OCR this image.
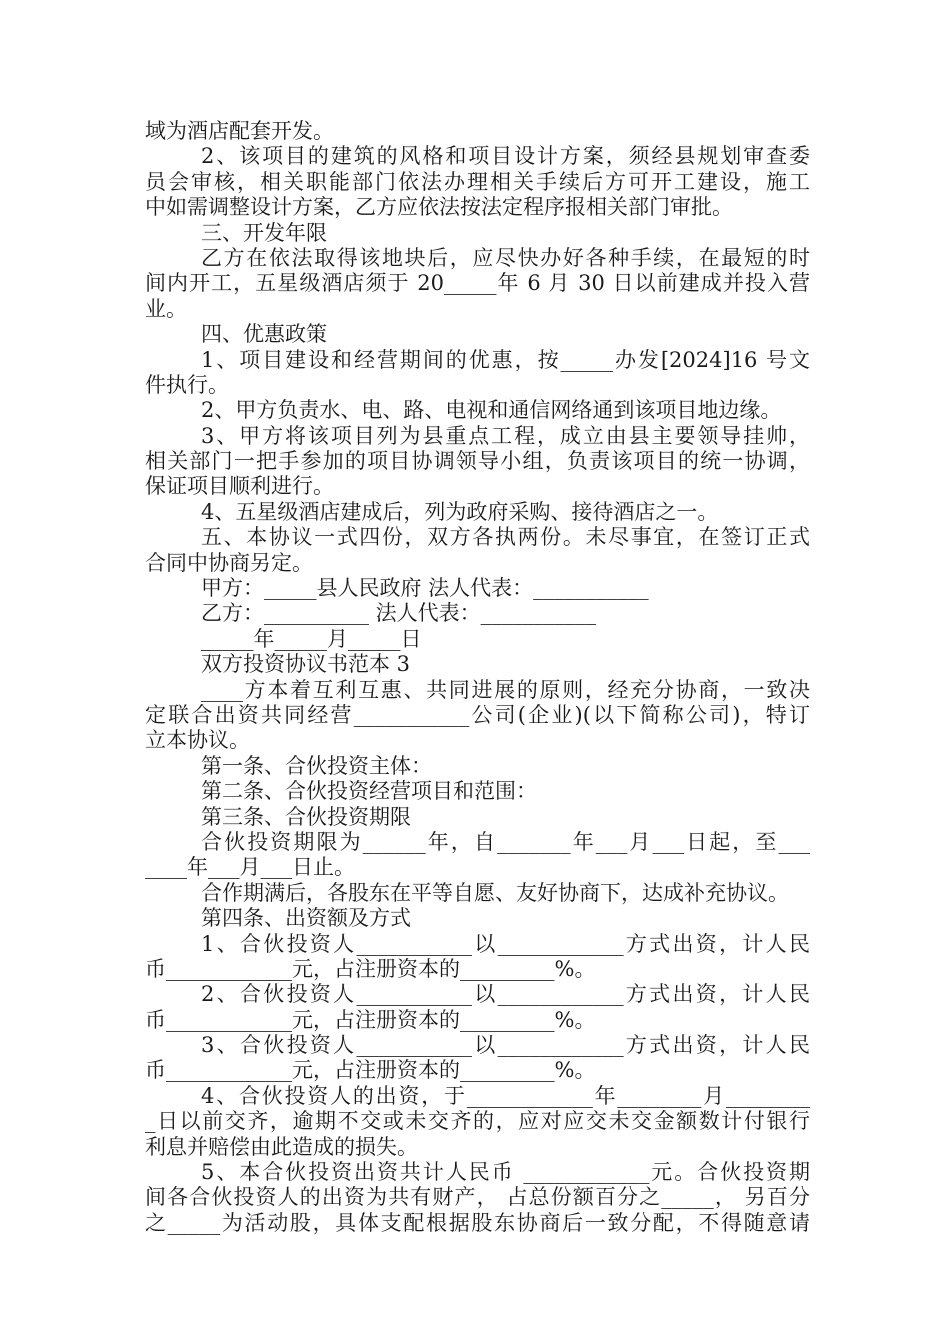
域为酒店配套开发。
2、该项目的建筑的风格和项目设计方案，须经县规划审查委
员会审核，相关职能部门依法办理相关手续后方可开工建设，施工
中如需调整设计方案，乙方应依法按法定程序报相关部门审批。
三、开发年限
乙方在依法取得该地块后，应尽快办好各种手续，在最短的时
间内开工，五星级酒店须于 20_____年 6 月 30 日以前建成并投入营
业。
四、优惠政策
1、项目建设和经营期间的优惠，按_____办发[2024]16 号文
件执行。
2、甲方负责水、电、路、电视和通信网络通到该项目地边缘。
3、甲方将该项目列为县重点工程，成立由县主要领导挂帅，
相关部门一把手参加的项目协调领导小组，负责该项目的统一协调，
保证项目顺利进行。
4、五星级酒店建成后，列为政府采购、接待酒店之一。
五、本协议一式四份，双方各执两份。未尽事宜，在签订正式
合同中协商另定。
甲方：_____县人民政府 法人代表：___________
乙方：__________ 法人代表：___________
_____年_____月_____日
双方投资协议书范本 3
____方本着互利互惠、共同进展的原则，经充分协商，一致决
定联合出资共同经营___________公司(企业)(以下简称公司)，特订
立本协议。
第一条、合伙投资主体：
第二条、合伙投资经营项目和范围：
第三条、合伙投资期限
合伙投资期限为______年，自_______年___月___日起，至___
____年___月___日止。
合作期满后，各股东在平等自愿、友好协商下，达成补充协议。
第四条、出资额及方式
1、合伙投资人___________以____________方式出资，计人民
币____________元，占注册资本的_________%。
2、合伙投资人___________以____________方式出资，计人民
币____________元，占注册资本的_________%。
3、合伙投资人___________以____________方式出资，计人民
币____________元，占注册资本的_________%。
4、合伙投资人的出资，于____________年________月________
_日以前交齐，逾期不交或未交齐的，应对应交未交金额数计付银行
利息并赔偿由此造成的损失。
5、本合伙投资出资共计人民币 ____________元。合伙投资期
间各合伙投资人的出资为共有财产， 占总份额百分之_____， 另百分
之_____为活动股，具体支配根据股东协商后一致分配，不得随意请
